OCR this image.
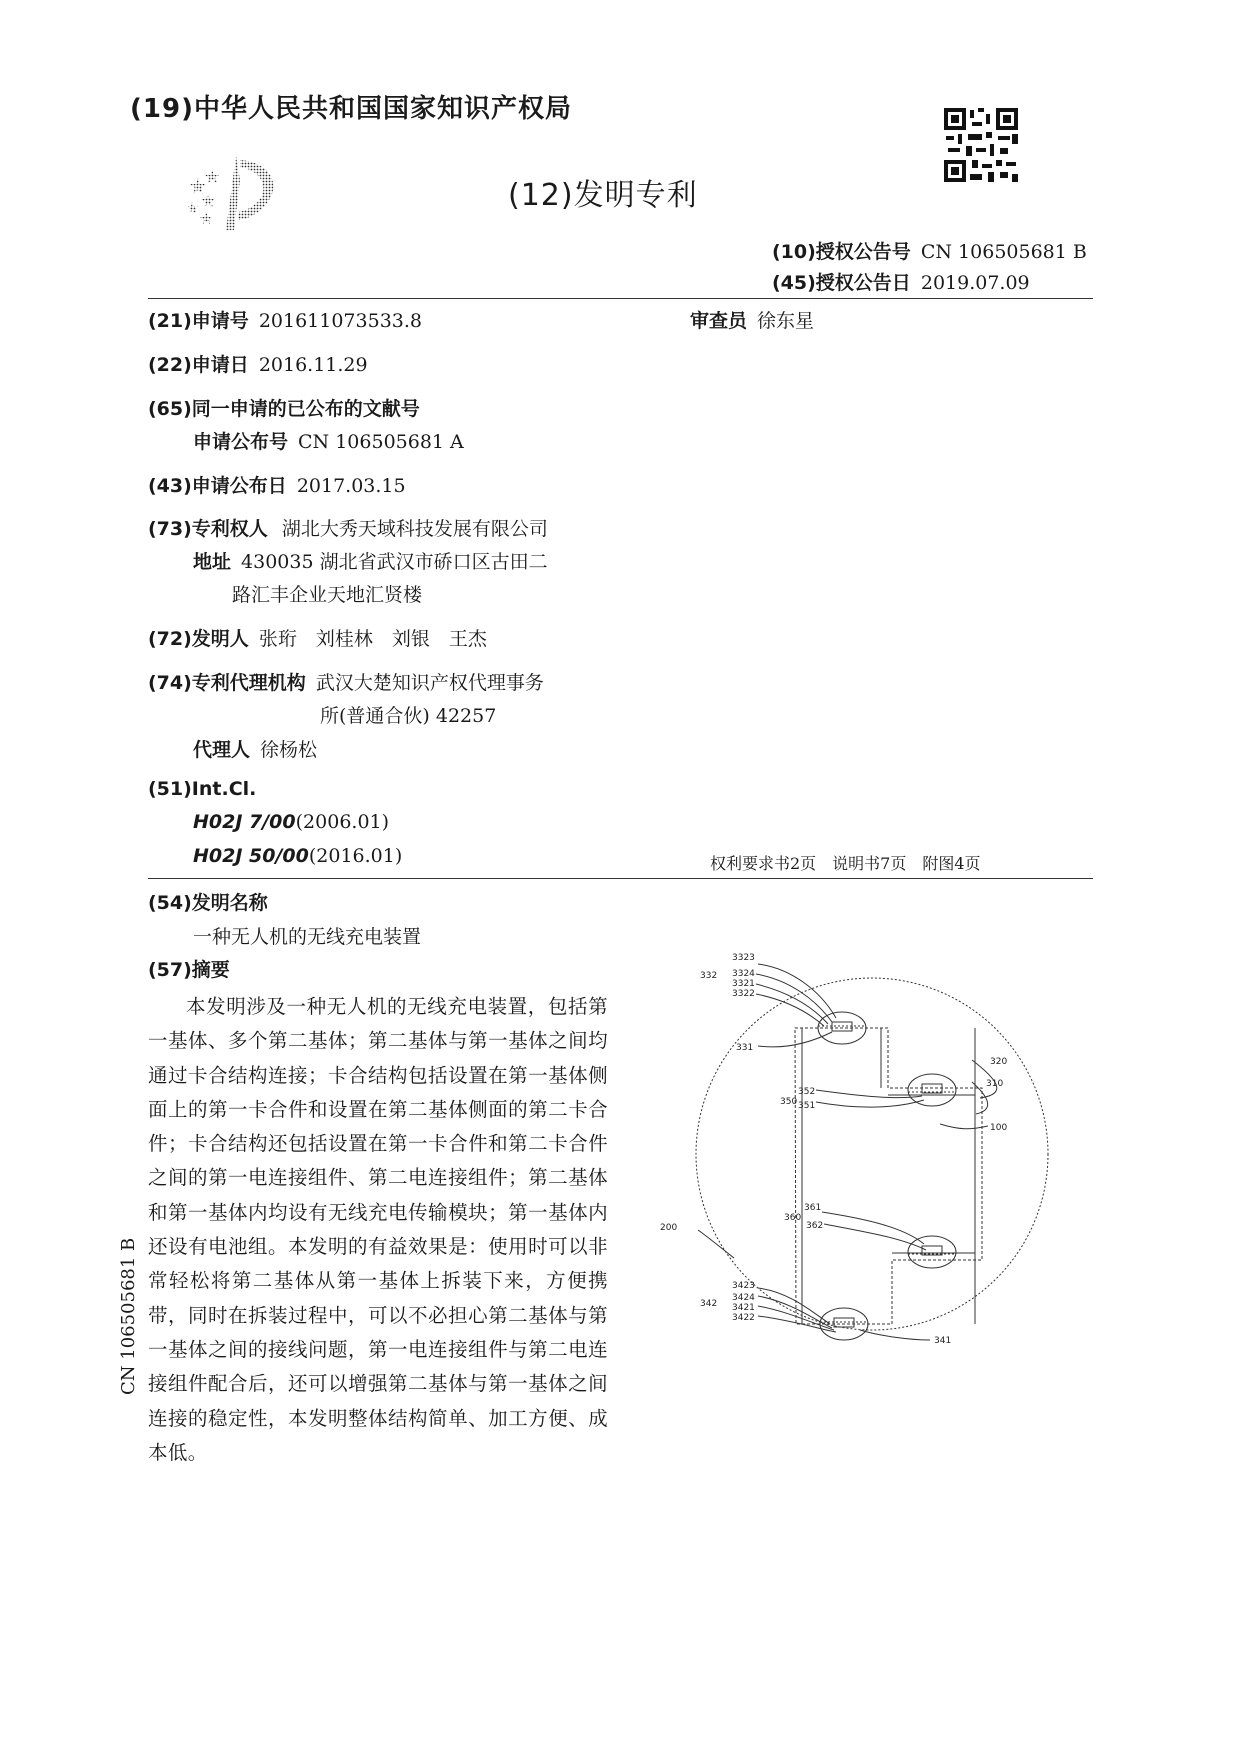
(19)中华人民共和国国家知识产权局
(12)发明专利
(10)授权公告号 CN 106505681 B
(45)授权公告日 2019.07.09
(21)申请号 201611073533.8	审查员 徐东星
(22)申请日 2016.11.29
(65)同一申请的已公布的文献号
申请公布号 CN 106505681 A
(43)申请公布日 2017.03.15
(73)专利权人 湖北大秀天域科技发展有限公司
地址 430035 湖北省武汉市硚口区古田二
路汇丰企业天地汇贤楼
(72)发明人 张珩　刘桂林　刘银　王杰
(74)专利代理机构 武汉大楚知识产权代理事务
所(普通合伙) 42257
代理人 徐杨松
(51)Int.Cl.
H02J 7/00(2006.01)
H02J 50/00(2016.01)	权利要求书2页　说明书7页　附图4页
(54)发明名称
一种无人机的无线充电装置
(57)摘要

本发明涉及一种无人机的无线充电装置，包括第一基体、多个第二基体；第二基体与第一基体之间均通过卡合结构连接；卡合结构包括设置在第一基体侧面上的第一卡合件和设置在第二基体侧面的第二卡合件；卡合结构还包括设置在第一卡合件和第二卡合件之间的第一电连接组件、第二电连接组件；第二基体和第一基体内均设有无线充电传输模块；第一基体内还设有电池组。本发明的有益效果是：使用时可以非常轻松将第二基体从第一基体上拆装下来，方便携带，同时在拆装过程中，可以不必担心第二基体与第一基体之间的接线问题，第一电连接组件与第二电连接组件配合后，还可以增强第二基体与第一基体之间连接的稳定性，本发明整体结构简单、加工方便、成本低。

CN 106505681 B
3323
332 3324
3321
3322
331
320
310
352
350 351
100
200
361
360
362
3423
342
3424
3421
3422
341
